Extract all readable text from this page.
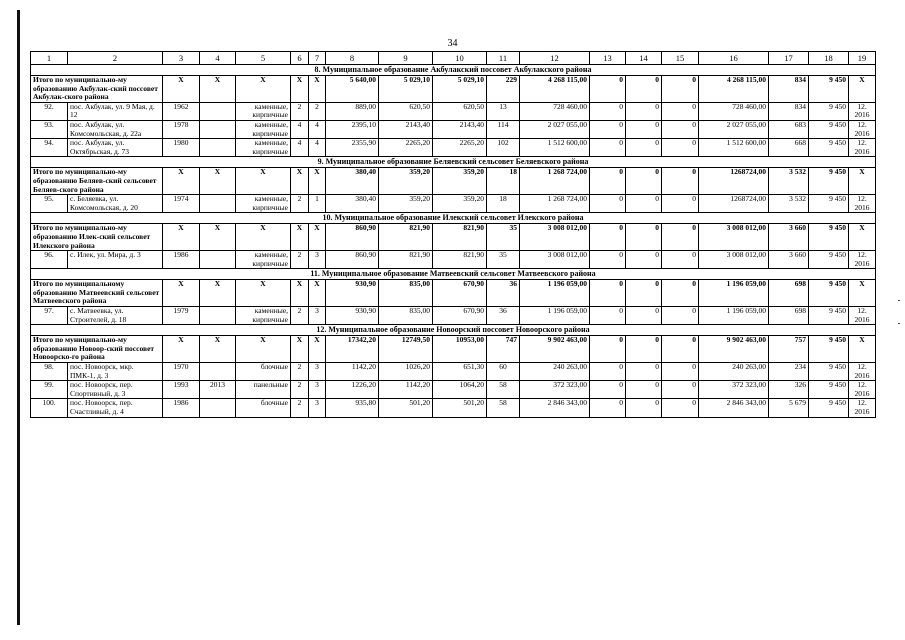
34
1	2	3	4	5	6	7	8	9	10	11	12	13	14	15	16	17	18	19
8. Муниципальное образование Акбулакский поссовет Акбулакского района																		
Итого по муниципально-му образованию Акбулак-ский поссовет Акбулак-ского района		Х	Х	Х	Х	Х	5 640,00	5 029,10	5 029,10	229	4 268 115,00	0	0	0	4 268 115,00	834	9 450	Х
92.	пос. Акбулак, ул. 9 Мая, д. 12	1962		каменные, кирпичные	2	2	889,00	620,50	620,50	13	728 460,00	0	0	0	728 460,00	834	9 450	12. 2016
93.	пос. Акбулак, ул. Комсомольская, д. 22а	1978		каменные, кирпичные	4	4	2395,10	2143,40	2143,40	114	2 027 055,00	0	0	0	2 027 055,00	683	9 450	12. 2016
94.	пос. Акбулак, ул. Октябрьская, д. 73	1980		каменные, кирпичные	4	4	2355,90	2265,20	2265,20	102	1 512 600,00	0	0	0	1 512 600,00	668	9 450	12. 2016
9. Муниципальное образование Беляевский сельсовет Беляевского района																		
Итого по муниципально-му образованию Беляев-ский сельсовет Беляев-ского района		Х	Х	Х	Х	Х	380,40	359,20	359,20	18	1 268 724,00	0	0	0	1268724,00	3 532	9 450	Х
95.	с. Беляевка, ул. Комсомольская, д. 20	1974		каменные, кирпичные	2	1	380,40	359,20	359,20	18	1 268 724,00	0	0	0	1268724,00	3 532	9 450	12. 2016
10. Муниципальное образование Илекский сельсовет Илекского района																		
Итого по муниципально-му образованию Илек-ский сельсовет Илекского района		Х	Х	Х	Х	Х	860,90	821,90	821,90	35	3 008 012,00	0	0	0	3 008 012,00	3 660	9 450	Х
96.	с. Илек, ул. Мира, д. 3	1986		каменные, кирпичные	2	3	860,90	821,90	821,90	35	3 008 012,00	0	0	0	3 008 012,00	3 660	9 450	12. 2016
11. Муниципальное образование Матвеевский сельсовет Матвеевского района																		
Итого по муниципальному образованию Матвеевский сельсовет Матвеевского района		Х	Х	Х	Х	Х	930,90	835,00	670,90	36	1 196 059,00	0	0	0	1 196 059,00	698	9 450	Х
97.	с. Матвеевка, ул. Строителей, д. 18	1979		каменные, кирпичные	2	3	930,90	835,00	670,90	36	1 196 059,00	0	0	0	1 196 059,00	698	9 450	12. 2016
12. Муниципальное образование Новоорский поссовет Новоорского района																		
Итого по муниципально-му образованию Новоор-ский поссовет Новоорско-го района		Х	Х	Х	Х	Х	17342,20	12749,50	10953,00	747	9 902 463,00	0	0	0	9 902 463,00	757	9 450	Х
98.	пос. Новоорск, мкр. ПМК-1, д. 3	1970		блочные	2	3	1142,20	1026,20	651,30	60	240 263,00	0	0	0	240 263,00	234	9 450	12. 2016
99.	пос. Новоорск, пер. Спортивный, д. 3	1993	2013	панельные	2	3	1226,20	1142,20	1064,20	58	372 323,00	0	0	0	372 323,00	326	9 450	12. 2016
100.	пос. Новоорск, пер. Счастливый, д. 4	1986		блочные	2	3	935,80	501,20	501,20	58	2 846 343,00	0	0	0	2 846 343,00	5 679	9 450	12. 2016
